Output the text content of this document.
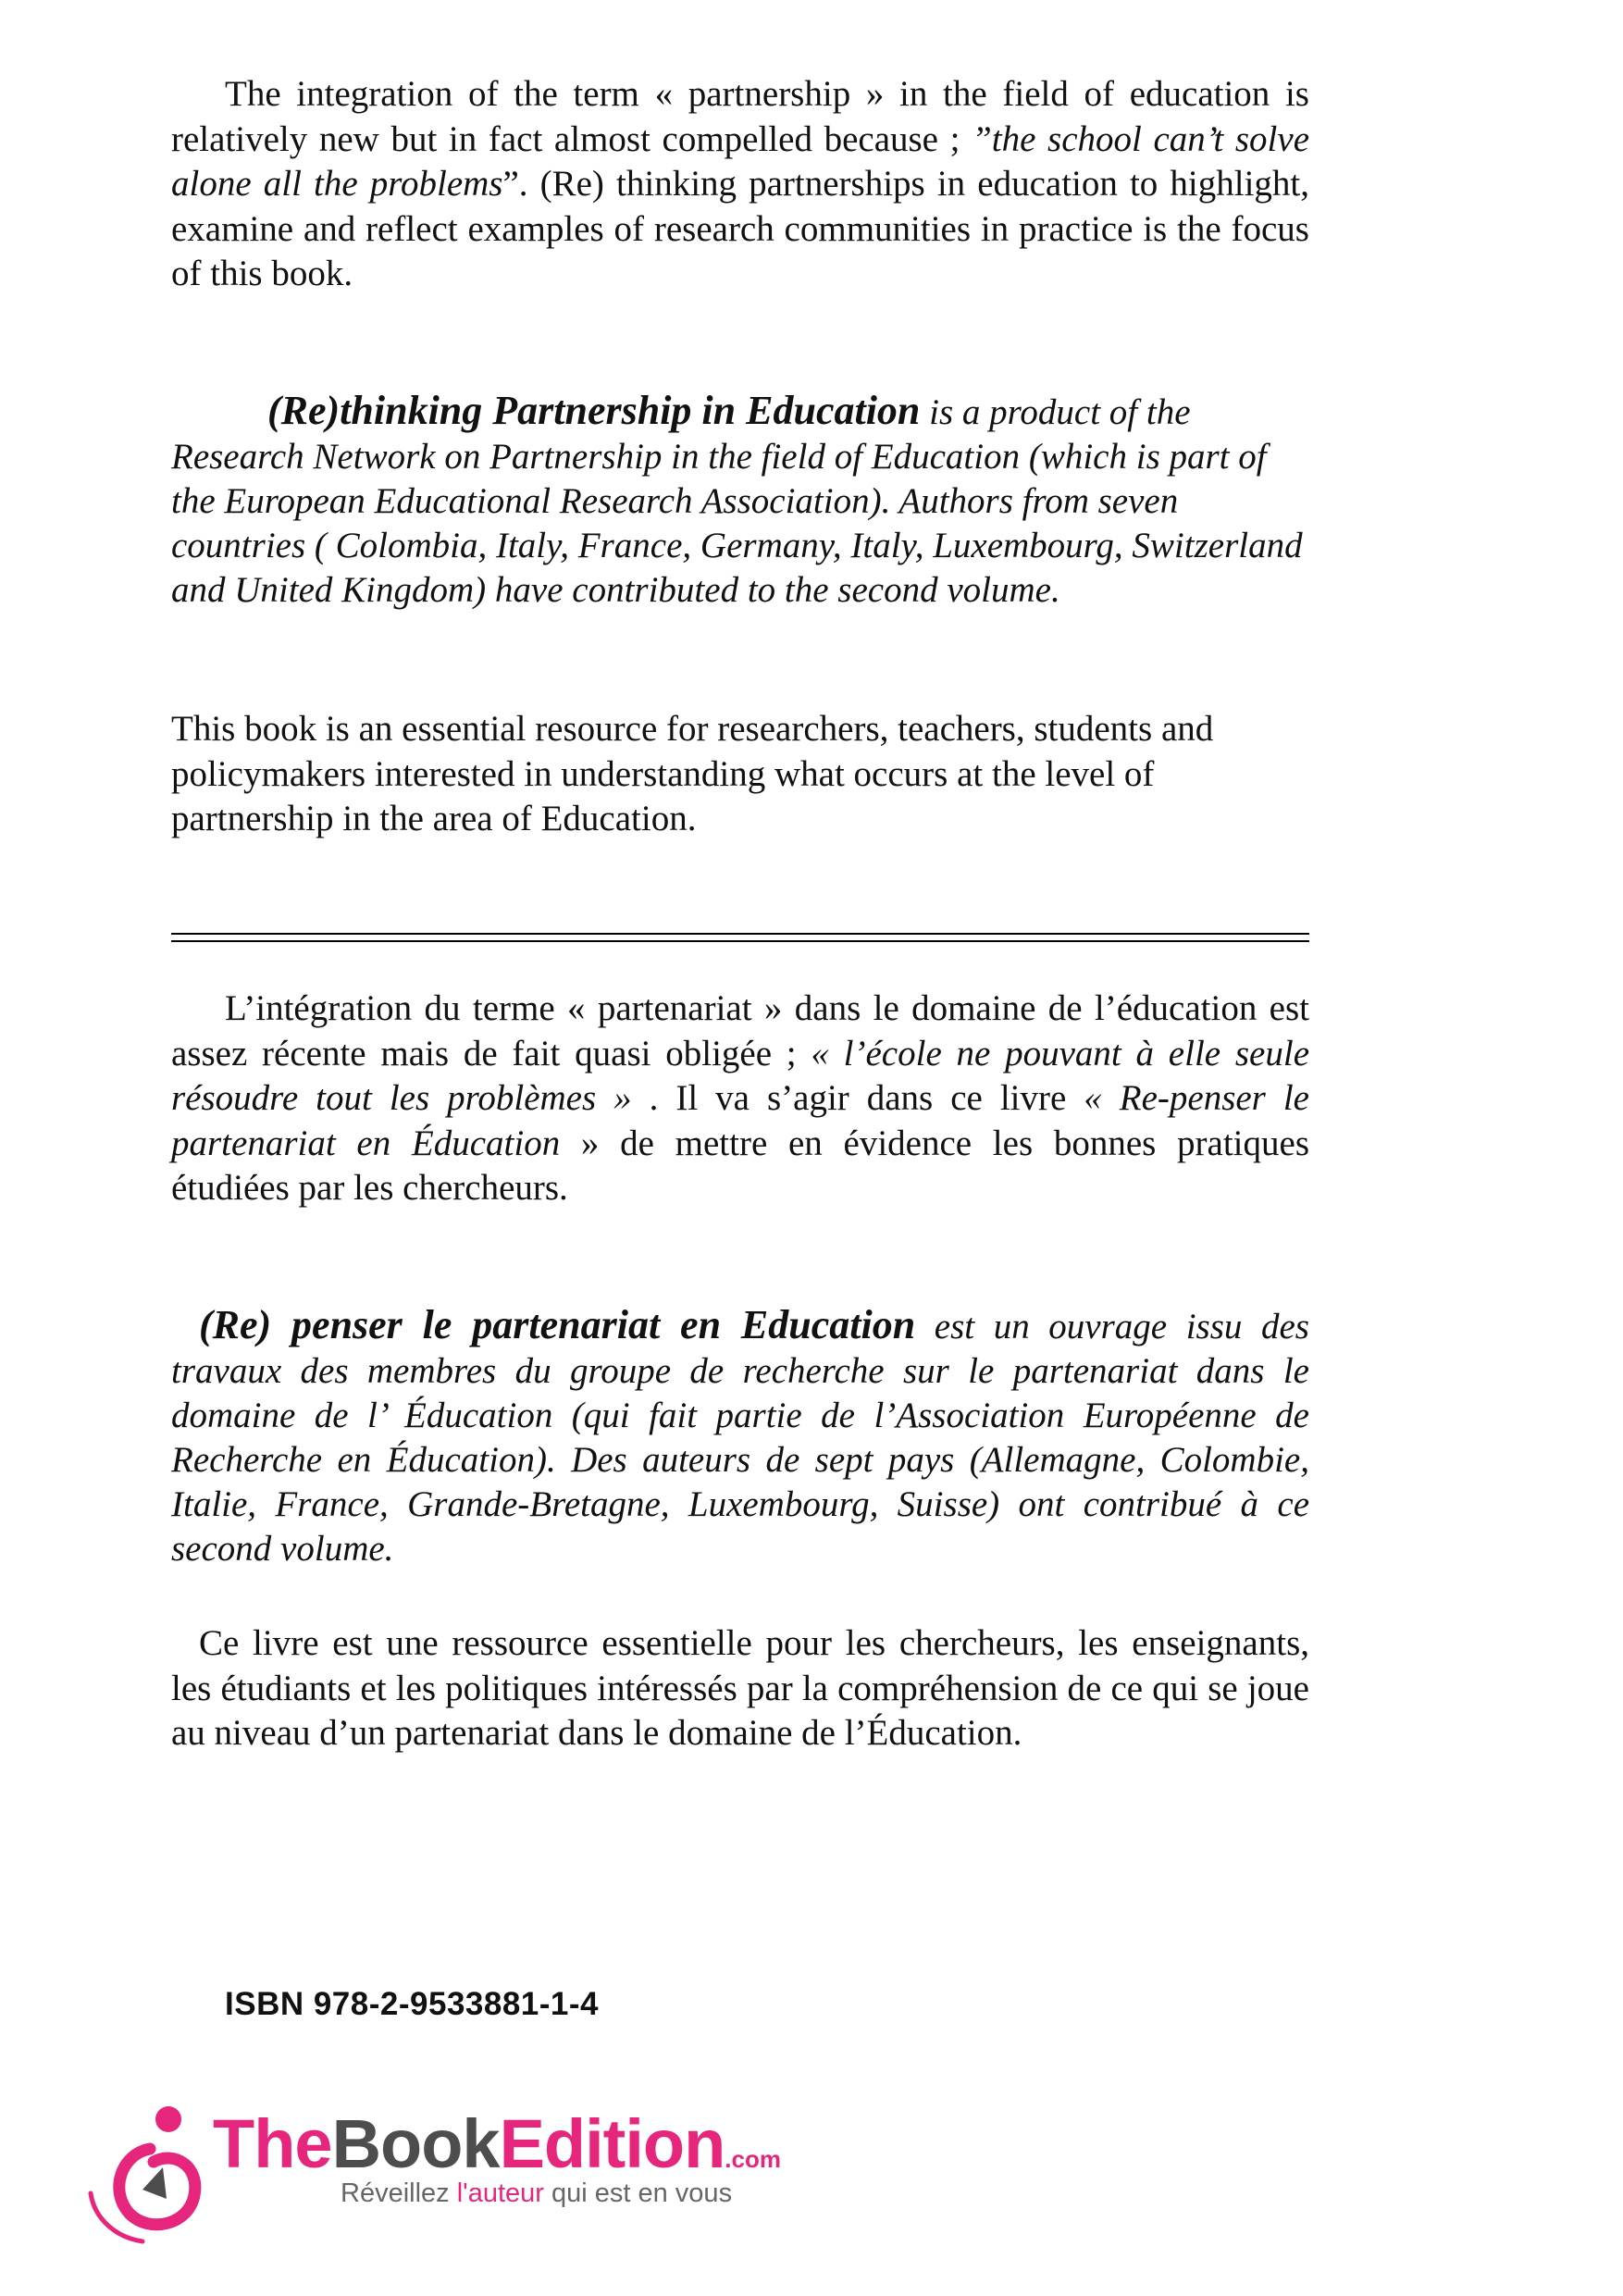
The integration of the term « partnership » in the field of education is relatively new but in fact almost compelled because ; ”the school can’t solve alone all the problems”. (Re) thinking partnerships in education to highlight, examine and reflect examples of research communities in practice is the focus of this book.

(Re)thinking Partnership in Education is a product of the Research Network on Partnership in the field of Education (which is part of the European Educational Research Association). Authors from seven countries ( Colombia, Italy, France, Germany, Italy, Luxembourg, Switzerland and United Kingdom) have contributed to the second volume.

This book is an essential resource for researchers, teachers, students and policymakers interested in understanding what occurs at the level of partnership in the area of Education.

L’intégration du terme « partenariat » dans le domaine de l’éducation est assez récente mais de fait quasi obligée ; « l’école ne pouvant à elle seule résoudre tout les problèmes » . Il va s’agir dans ce livre « Re-penser le partenariat en Éducation » de mettre en évidence les bonnes pratiques étudiées par les chercheurs.

(Re) penser le partenariat en Education est un ouvrage issu des travaux des membres du groupe de recherche sur le partenariat dans le domaine de l’ Éducation (qui fait partie de l’Association Européenne de Recherche en Éducation). Des auteurs de sept pays (Allemagne, Colombie, Italie, France, Grande-Bretagne, Luxembourg, Suisse) ont contribué à ce second volume.

Ce livre est une ressource essentielle pour les chercheurs, les enseignants, les étudiants et les politiques intéressés par la compréhension de ce qui se joue au niveau d’un partenariat dans le domaine de l’Éducation.

ISBN 978-2-9533881-1-4
TheBookEdition.com
Réveillez l'auteur qui est en vous
